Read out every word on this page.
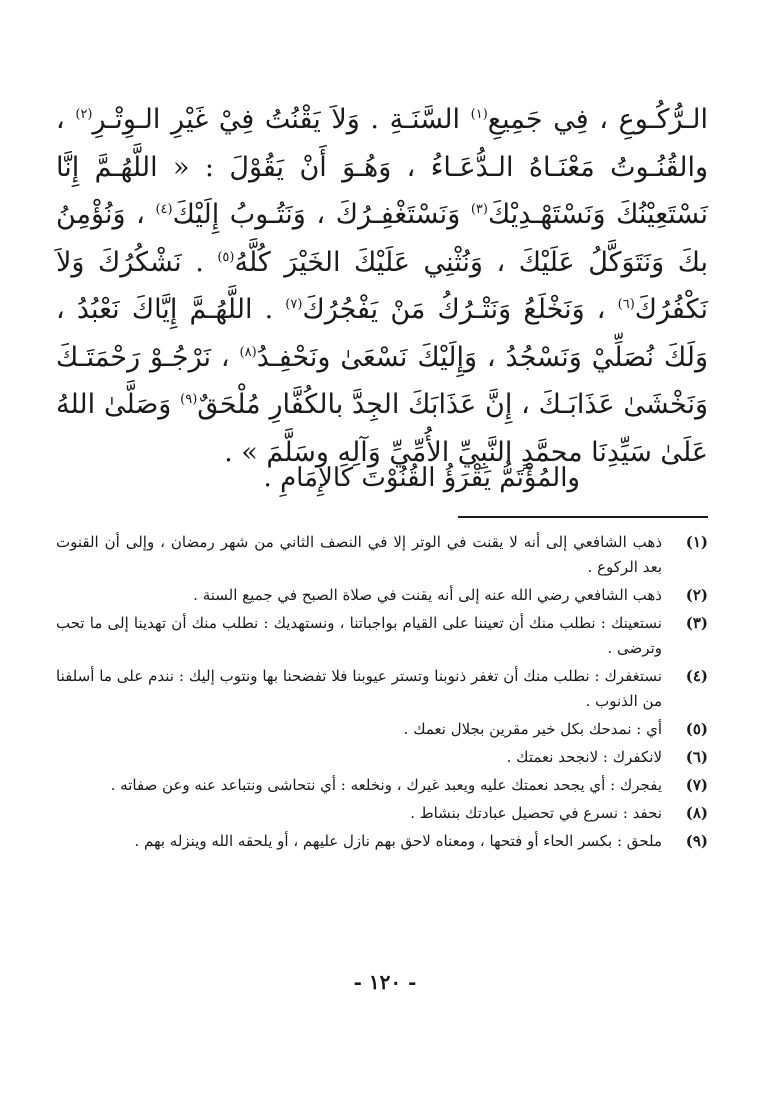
الـرُّكُـوعِ ، فِي جَمِيعِ$^{(١)}$ السَّنَـةِ . وَلاَ يَقْنُتُ فِيْ غَيْرِ الـوِتْـرِ$^{(٢)}$ ، والقُنُـوتُ مَعْنَـاهُ الـدُّعَـاءُ ، وَهُـوَ أَنْ يَقُوْلَ : « اللَّهُـمَّ إِنَّا نَسْتَعِيْنُكَ وَنَسْتَهْـدِيْكَ$^{(٣)}$ وَنَسْتَغْفِـرُكَ ، وَنَتُـوبُ إِلَيْكَ$^{(٤)}$ ، وَنُؤْمِنُ بكَ وَنَتَوَكَّلُ عَلَيْكَ ، وَنُثْنِي عَلَيْكَ الخَيْرَ كُلَّهُ$^{(٥)}$ . نَشْكُرُكَ وَلاَ نَكْفُرُكَ$^{(٦)}$ ، وَنَخْلَعُ وَنَتْـرُكُ مَنْ يَفْجُرُكَ$^{(٧)}$ . اللَّهُـمَّ إِيَّاكَ نَعْبُدُ ، وَلَكَ نُصَلِّيْ وَنَسْجُدُ ، وَإِلَيْكَ نَسْعَىٰ ونَحْفِـدُ$^{(٨)}$ ، نَرْجُـوْ رَحْمَتَـكَ وَنَخْشَىٰ عَذَابَـكَ ، إِنَّ عَذَابَكَ الجِدَّ بالكُفَّارِ مُلْحَقٌ$^{(٩)}$ وَصَلَّىٰ اللهُ عَلَىٰ سَيِّدِنَا محمَّدٍ النَّبِيِّ الأُمِّيِّ وَآلِهِ وسَلَّمَ » .

والمُؤْتَمُّ يَقْرَؤُ القُنُوْتَ كالإِمَامِ .
(١)
ذهب الشافعي إلى أنه لا يقنت في الوتر إلا في النصف الثاني من شهر رمضان ، وإلى أن القنوت بعد الركوع .
(٢)
ذهب الشافعي رضي الله عنه إلى أنه يقنت في صلاة الصبح في جميع السنة .
(٣)
نستعينك : نطلب منك أن تعيننا على القيام بواجباتنا ، ونستهديك : نطلب منك أن تهدينا إلى ما تحب وترضى .
(٤)
نستغفرك : نطلب منك أن تغفر ذنوبنا وتستر عيوبنا فلا تفضحنا بها ونتوب إليك : نندم على ما أسلفنا من الذنوب .
(٥)
أي : نمدحك بكل خير مقرين بجلال نعمك .
(٦)
لانكفرك : لانجحد نعمتك .
(٧)
يفجرك : أي يجحد نعمتك عليه ويعبد غيرك ، ونخلعه : أي نتحاشى ونتباعد عنه وعن صفاته .
(٨)
نحفد : نسرع في تحصيل عبادتك بنشاط .
(٩)
ملحق : بكسر الحاء أو فتحها ، ومعناه لاحق بهم نازل عليهم ، أو يلحقه الله وينزله بهم .
- ١٢٠ -
